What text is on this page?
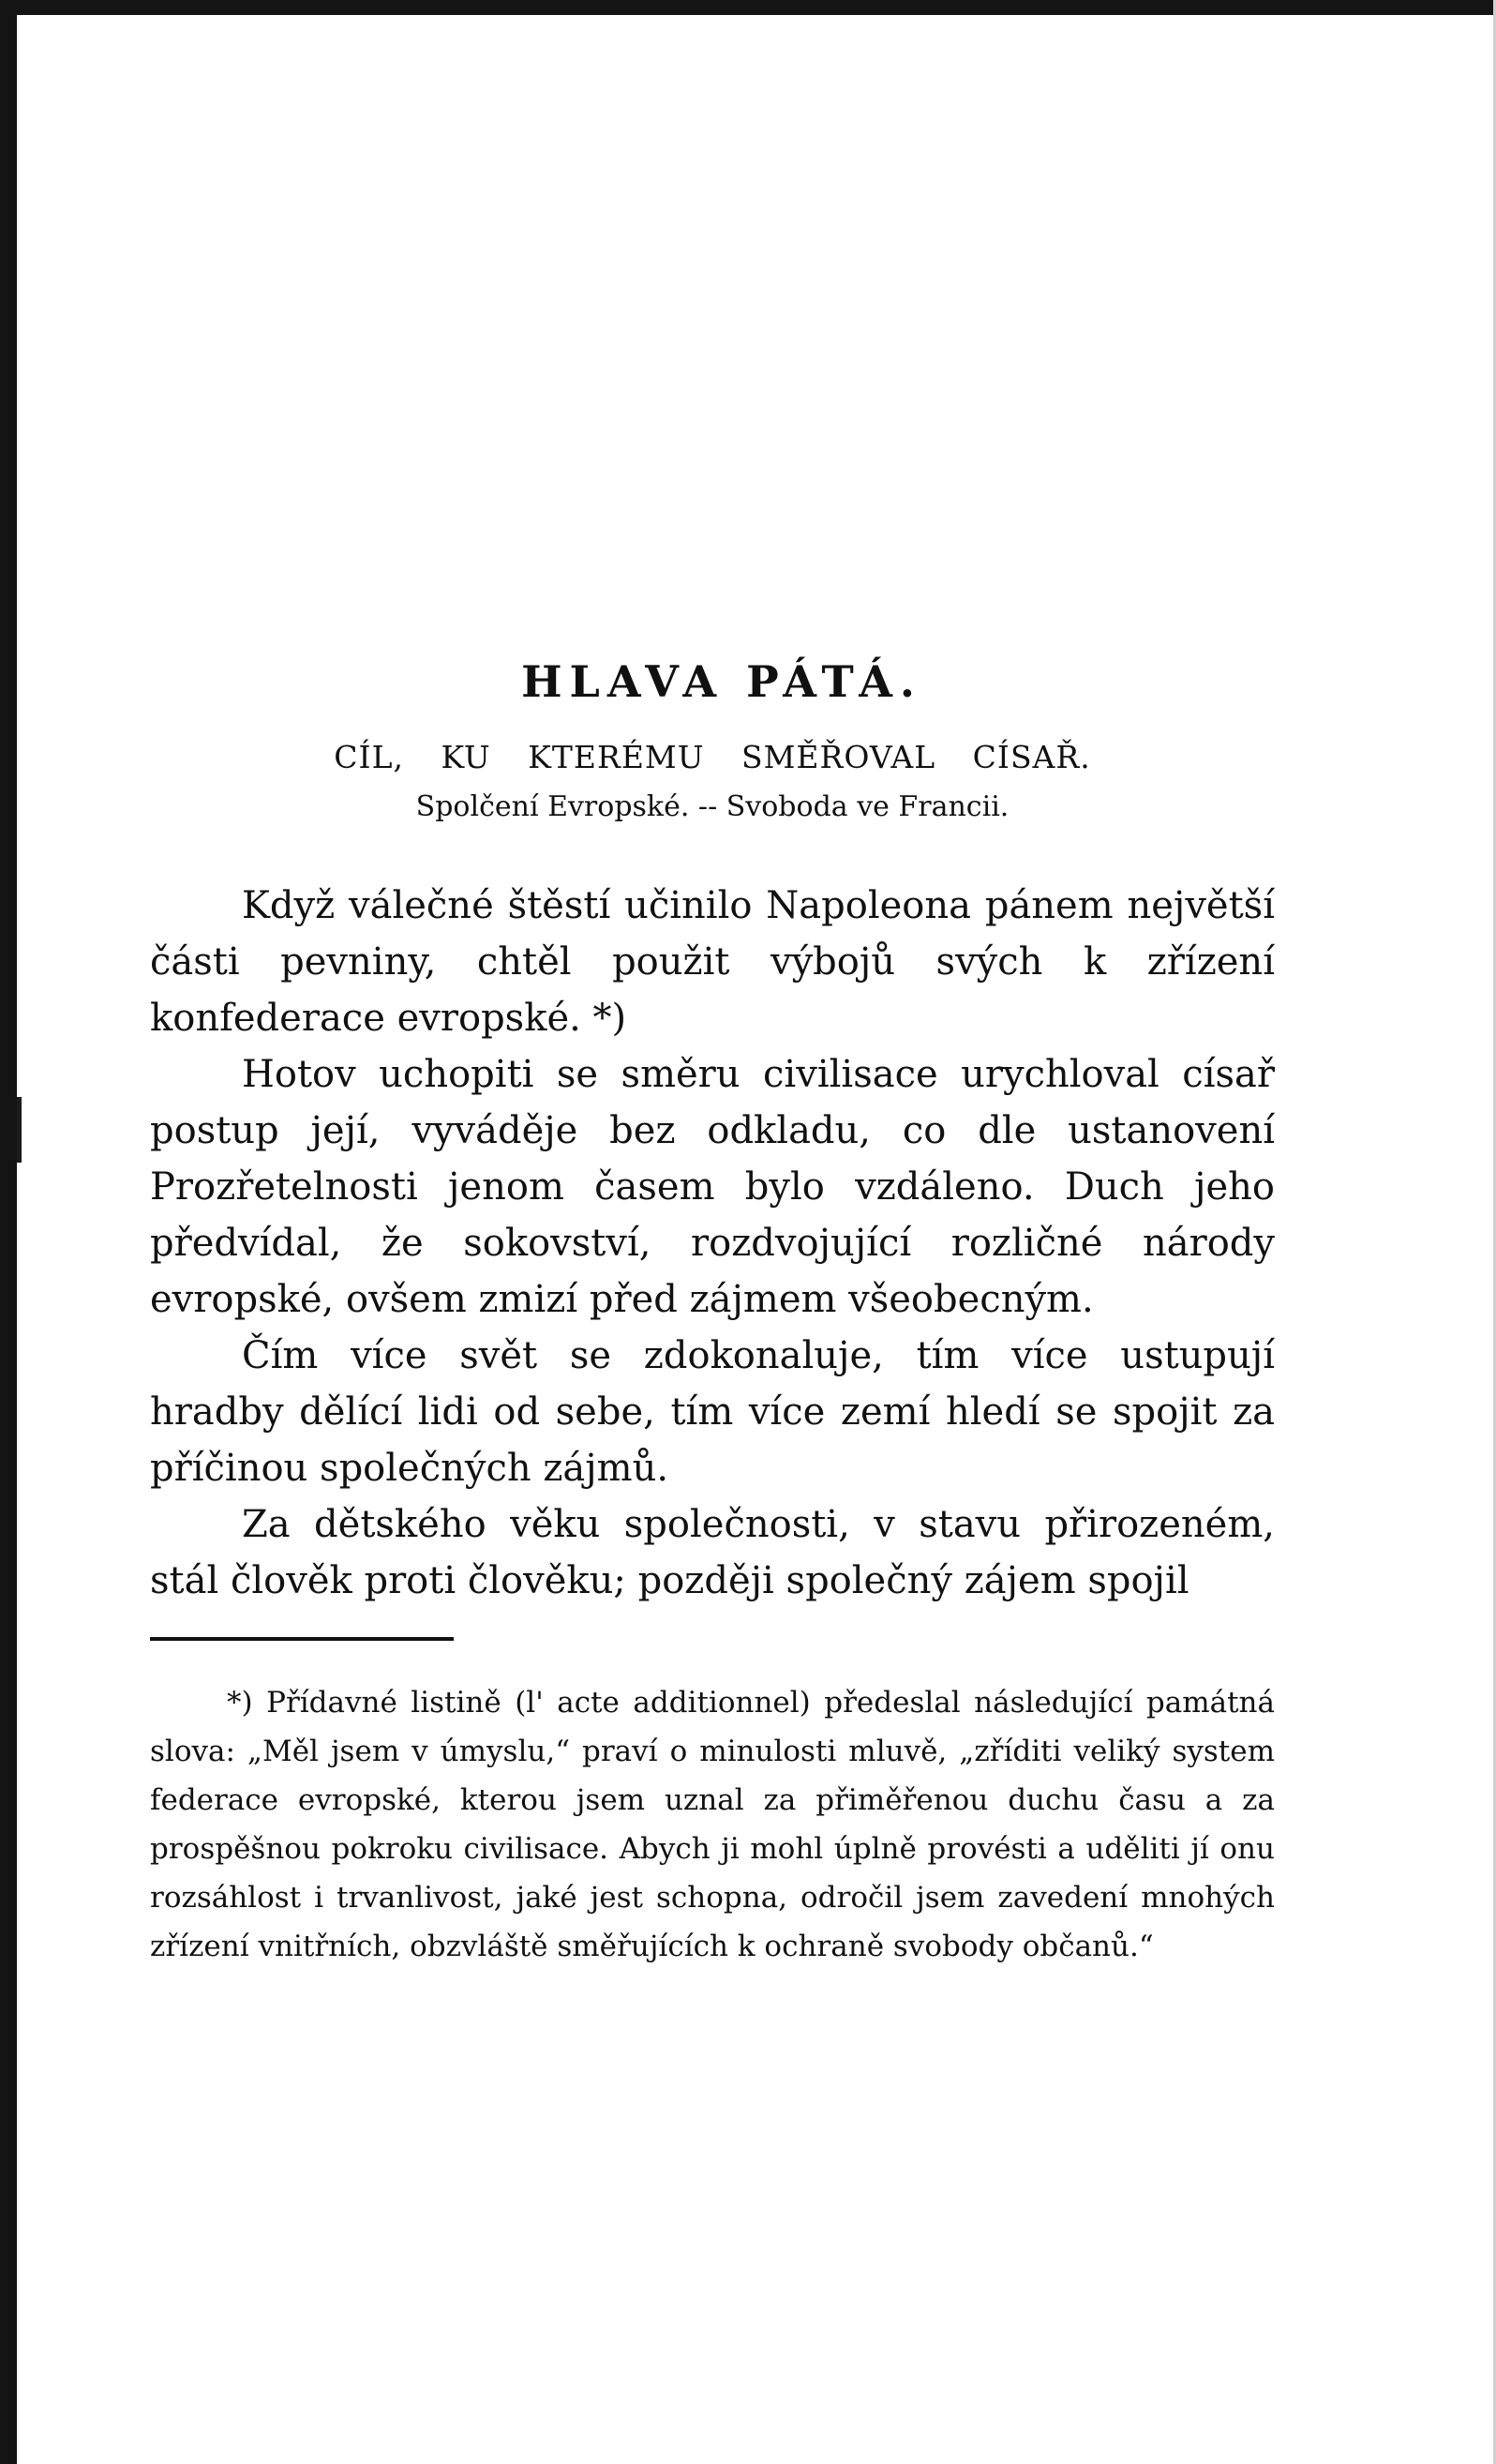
HLAVA PÁTÁ.
CÍL, KU KTERÉMU SMĚŘOVAL CÍSAŘ.
Spolčení Evropské. -- Svoboda ve Francii.

Když válečné štěstí učinilo Napoleona pánem největší části pevniny, chtěl použit výbojů svých k zřízení konfederace evropské. *)

Hotov uchopiti se směru civilisace urychloval císař postup její, vyváděje bez odkladu, co dle ustanovení Prozřetelnosti jenom časem bylo vzdáleno. Duch jeho předvídal, že sokovství, rozdvojující rozličné národy evropské, ovšem zmizí před zájmem všeobecným.

Čím více svět se zdokonaluje, tím více ustupují hradby dělící lidi od sebe, tím více zemí hledí se spojit za příčinou společných zájmů.

Za dětského věku společnosti, v stavu přirozeném, stál člověk proti člověku; později společný zájem spojil

*) Přídavné listině (l' acte additionnel) předeslal následující památná slova: „Měl jsem v úmyslu,“ praví o minulosti mluvě, „zříditi veliký system federace evropské, kterou jsem uznal za přiměřenou duchu času a za prospěšnou pokroku civilisace. Abych ji mohl úplně provésti a uděliti jí onu rozsáhlost i trvanlivost, jaké jest schopna, odročil jsem zavedení mnohých zřízení vnitřních, obzvláště směřujících k ochraně svobody občanů.“
